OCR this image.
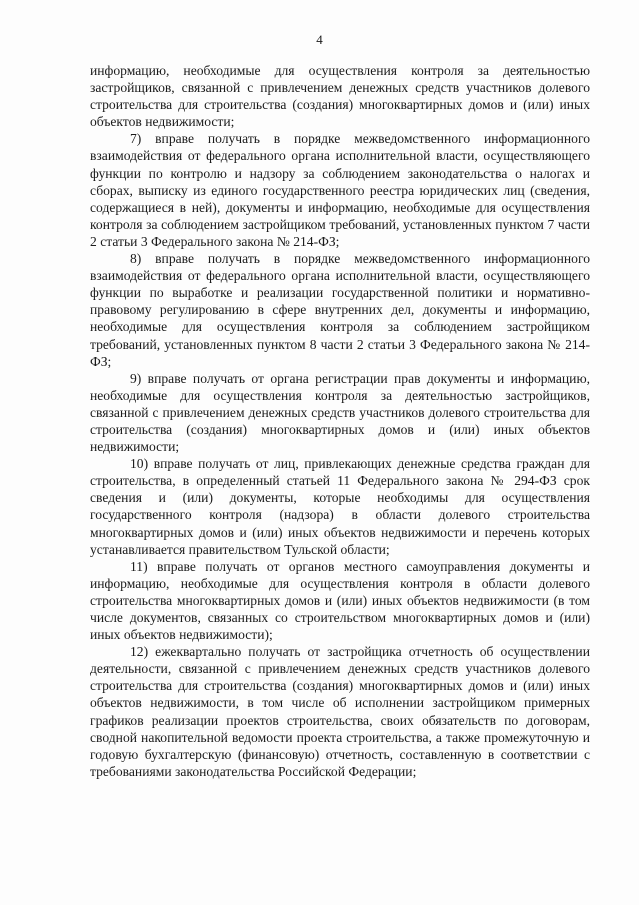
4

информацию, необходимые для осуществления контроля за деятельностью застройщиков, связанной с привлечением денежных средств участников долевого строительства для строительства (создания) многоквартирных домов и (или) иных объектов недвижимости;

7) вправе получать в порядке межведомственного информационного взаимодействия от федерального органа исполнительной власти, осуществляющего функции по контролю и надзору за соблюдением законодательства о налогах и сборах, выписку из единого государственного реестра юридических лиц (сведения, содержащиеся в ней), документы и информацию, необходимые для осуществления контроля за соблюдением застройщиком требований, установленных пунктом 7 части 2 статьи 3 Федерального закона № 214-ФЗ;

8) вправе получать в порядке межведомственного информационного взаимодействия от федерального органа исполнительной власти, осуществляющего функции по выработке и реализации государственной политики и нормативно-правовому регулированию в сфере внутренних дел, документы и информацию, необходимые для осуществления контроля за соблюдением застройщиком требований, установленных пунктом 8 части 2 статьи 3 Федерального закона № 214-ФЗ;

9) вправе получать от органа регистрации прав документы и информацию, необходимые для осуществления контроля за деятельностью застройщиков, связанной с привлечением денежных средств участников долевого строительства для строительства (создания) многоквартирных домов и (или) иных объектов недвижимости;

10) вправе получать от лиц, привлекающих денежные средства граждан для строительства, в определенный статьей 11 Федерального закона № 294-ФЗ срок сведения и (или) документы, которые необходимы для осуществления государственного контроля (надзора) в области долевого строительства многоквартирных домов и (или) иных объектов недвижимости и перечень которых устанавливается правительством Тульской области;

11) вправе получать от органов местного самоуправления документы и информацию, необходимые для осуществления контроля в области долевого строительства многоквартирных домов и (или) иных объектов недвижимости (в том числе документов, связанных со строительством многоквартирных домов и (или) иных объектов недвижимости);

12) ежеквартально получать от застройщика отчетность об осуществлении деятельности, связанной с привлечением денежных средств участников долевого строительства для строительства (создания) многоквартирных домов и (или) иных объектов недвижимости, в том числе об исполнении застройщиком примерных графиков реализации проектов строительства, своих обязательств по договорам, сводной накопительной ведомости проекта строительства, а также промежуточную и годовую бухгалтерскую (финансовую) отчетность, составленную в соответствии с требованиями законодательства Российской Федерации;
